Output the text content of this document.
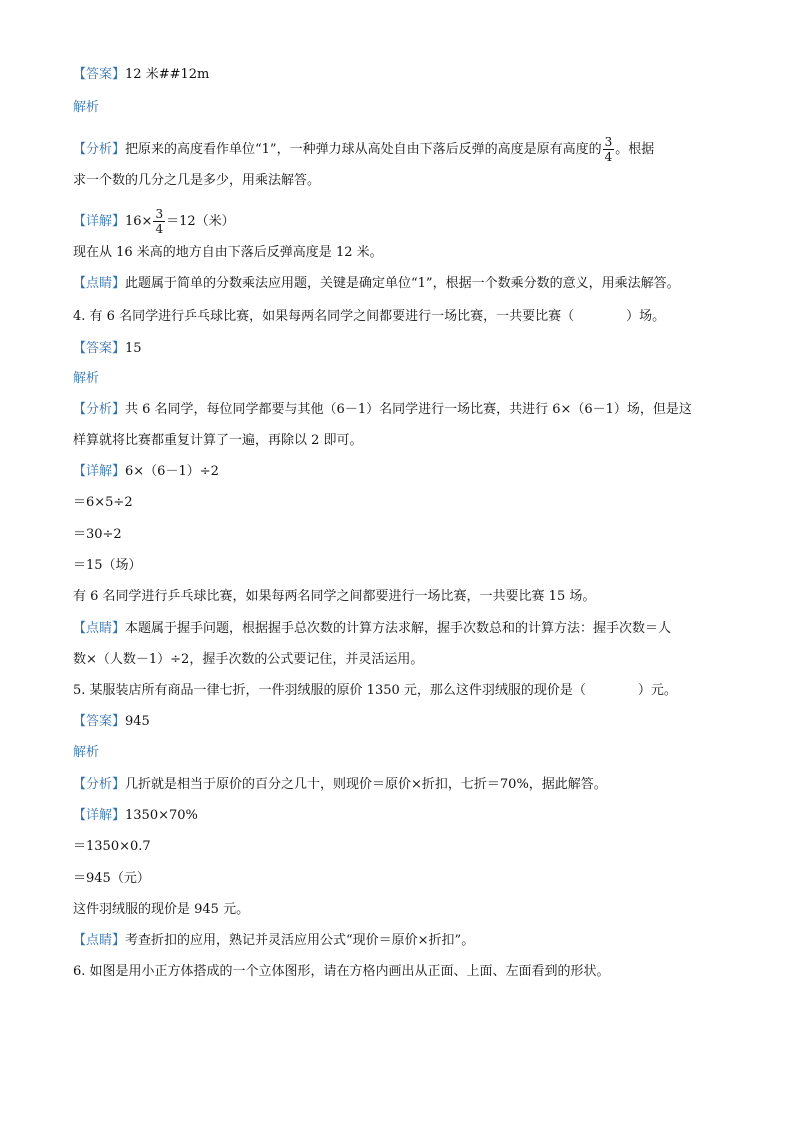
【答案】12 米##12m
解析
【分析】把原来的高度看作单位“1”，一种弹力球从高处自由下落后反弹的高度是原有高度的 $\frac{3}{4}$ 。根据
求一个数的几分之几是多少，用乘法解答。
【详解】$16\times \frac{3}{4} =12$（米）
现在从 16 米高的地方自由下落后反弹高度是 12 米。
【点睛】此题属于简单的分数乘法应用题，关键是确定单位“1”，根据一个数乘分数的意义，用乘法解答。
4. 有 6 名同学进行乒乓球比赛，如果每两名同学之间都要进行一场比赛，一共要比赛（　　　　）场。
【答案】15
解析
【分析】共 6 名同学，每位同学都要与其他（6－1）名同学进行一场比赛，共进行 6×（6－1）场，但是这
样算就将比赛都重复计算了一遍，再除以 2 即可。
【详解】6×（6－1）÷2
＝6×5÷2
＝30÷2
＝15（场）
有 6 名同学进行乒乓球比赛，如果每两名同学之间都要进行一场比赛，一共要比赛 15 场。
【点睛】本题属于握手问题，根据握手总次数的计算方法求解，握手次数总和的计算方法：握手次数＝人
数×（人数－1）÷2，握手次数的公式要记住，并灵活运用。
5. 某服装店所有商品一律七折，一件羽绒服的原价 1350 元，那么这件羽绒服的现价是（　　　　）元。
【答案】945
解析
【分析】几折就是相当于原价的百分之几十，则现价＝原价×折扣，七折＝70%，据此解答。
【详解】1350×70%
＝1350×0.7
＝945（元）
这件羽绒服的现价是 945 元。
【点睛】考查折扣的应用，熟记并灵活应用公式“现价＝原价×折扣”。
6. 如图是用小正方体搭成的一个立体图形，请在方格内画出从正面、上面、左面看到的形状。
